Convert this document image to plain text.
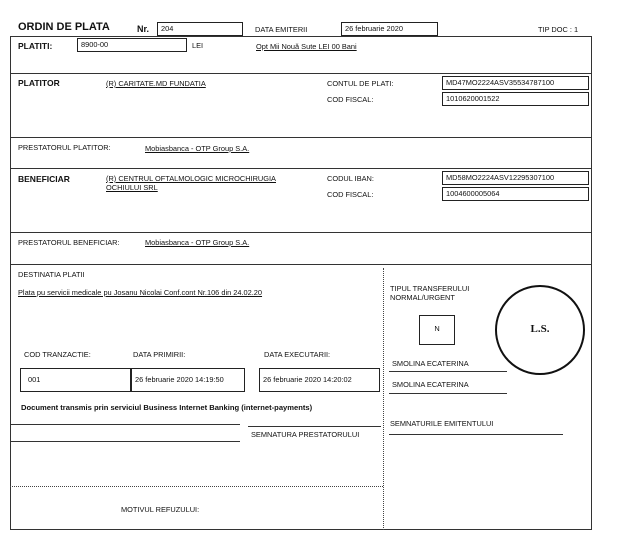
ORDIN DE PLATA	Nr.	204	DATA EMITERII	26 februarie 2020	TIP DOC : 1
PLATITI:	8900-00	LEI	Opt Mii Nouă Sute LEI 00 Bani
PLATITOR	(R) CARITATE.MD FUNDATIA	CONTUL DE PLATI:	MD47MO2224ASV35534787100
COD FISCAL:	1010620001522
PRESTATORUL PLATITOR:	Mobiasbanca - OTP Group S.A.
BENEFICIAR	(R) CENTRUL OFTALMOLOGIC MICROCHIRUGIA
OCHIULUI SRL
CODUL IBAN:	MD58MO2224ASV12295307100
COD FISCAL:	1004600005064
PRESTATORUL BENEFICIAR:	Mobiasbanca - OTP Group S.A.
DESTINATIA PLATII
Plata pu servicii medicale pu Josanu Nicolai Conf.cont Nr.106 din 24.02.20	TIPUL TRANSFERULUI
NORMAL/URGENT
N	L.S.
COD TRANZACTIE:	DATA PRIMIRII:	DATA EXECUTARII:
001	26 februarie 2020 14:19:50	26 februarie 2020 14:20:02
SMOLINA ECATERINA
SMOLINA ECATERINA
Document transmis prin serviciul Business Internet Banking (internet-payments)
SEMNATURA PRESTATORULUI
SEMNATURILE EMITENTULUI
MOTIVUL REFUZULUI:
